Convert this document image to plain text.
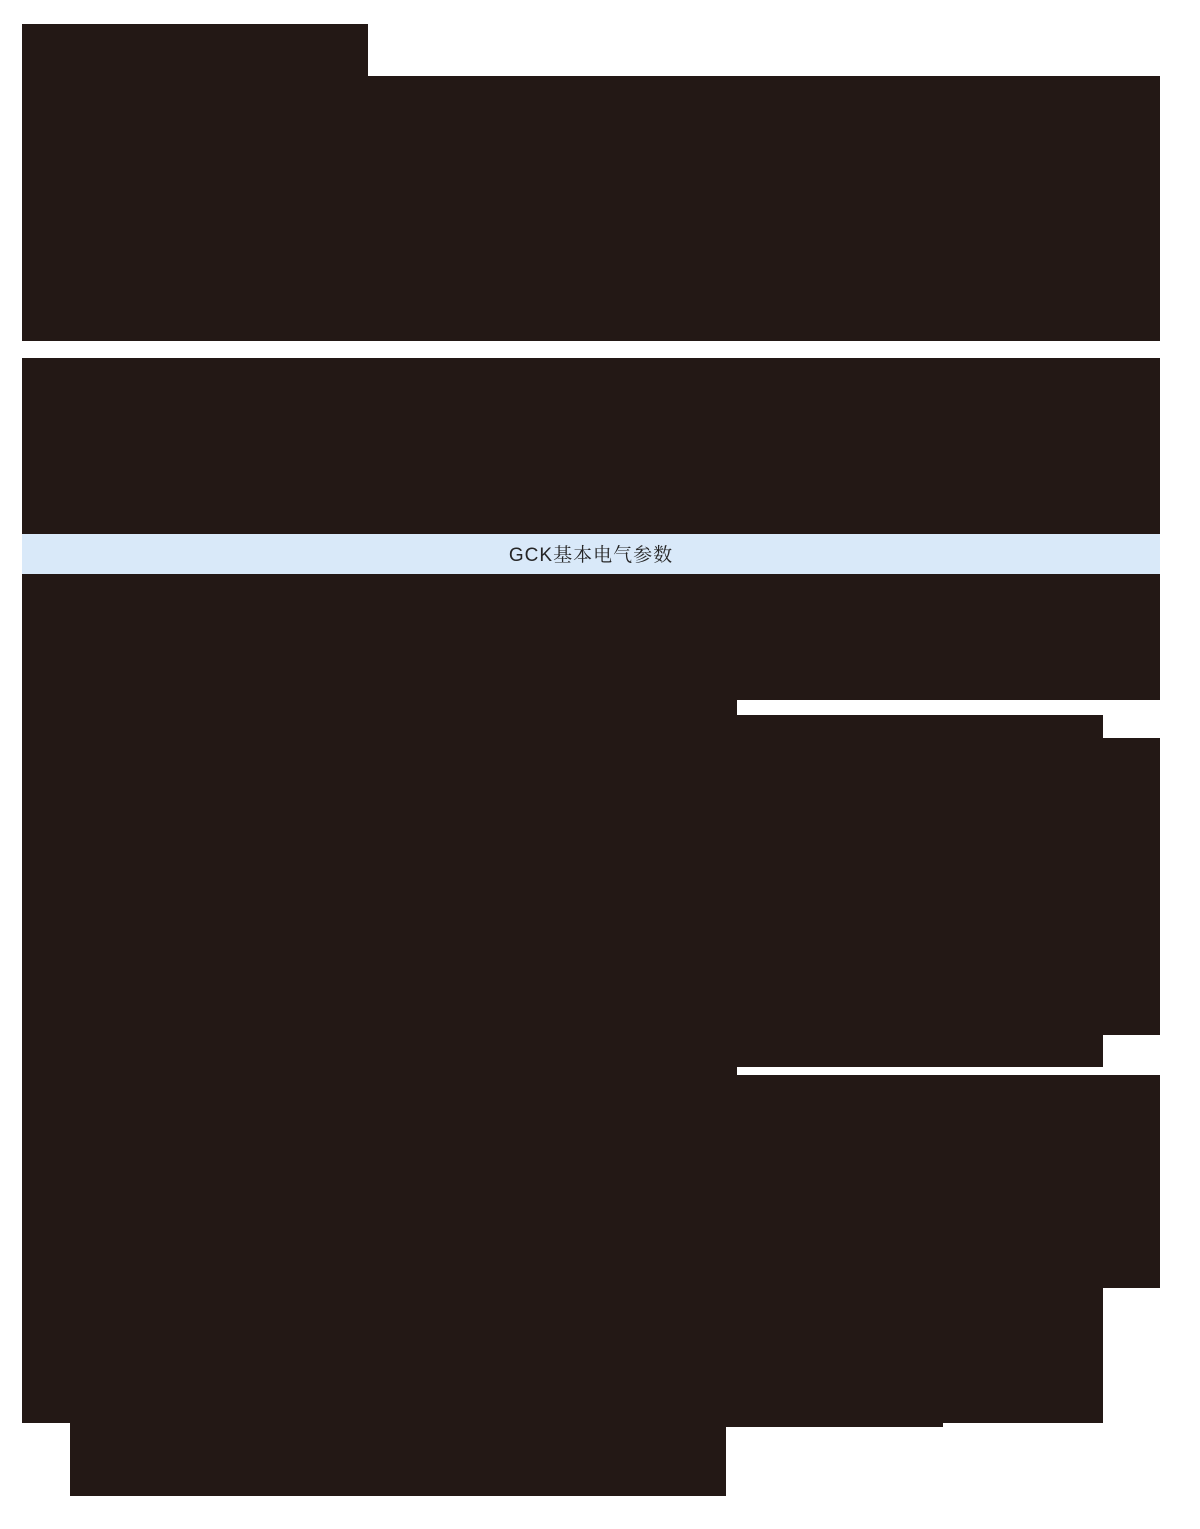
GCK基本电气参数
